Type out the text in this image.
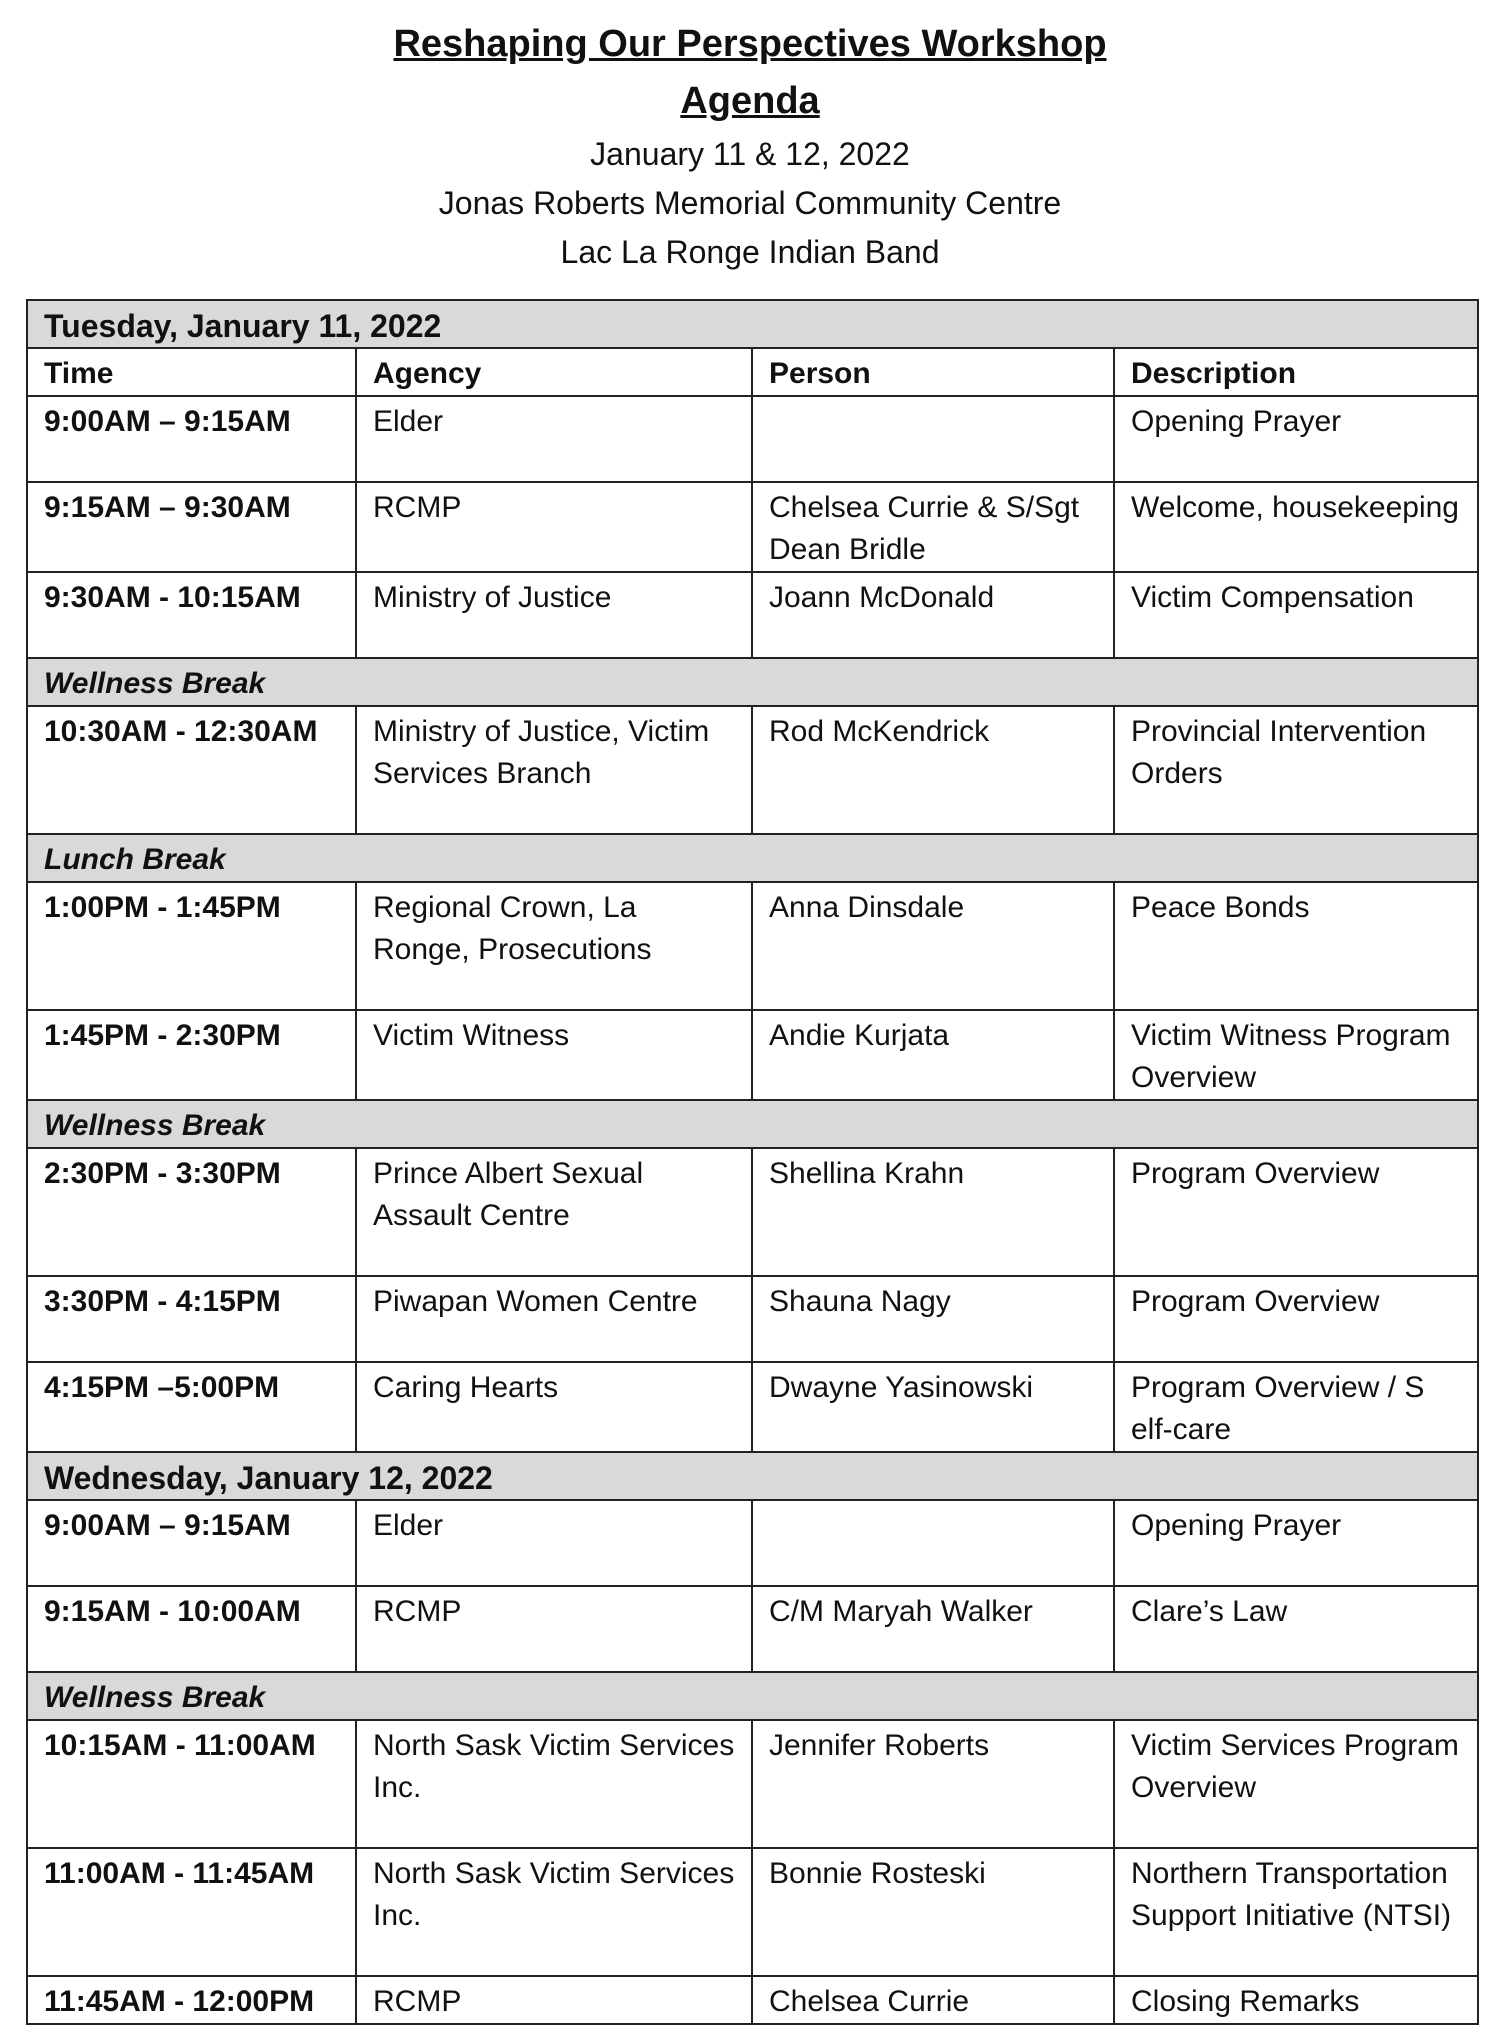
Reshaping Our Perspectives Workshop

Agenda

January 11 & 12, 2022

Jonas Roberts Memorial Community Centre

Lac La Ronge Indian Band

Tuesday, January 11, 2022			
Time	Agency	Person	Description
9:00AM – 9:15AM	Elder		Opening Prayer
9:15AM – 9:30AM	RCMP	Chelsea Currie & S/Sgt Dean Bridle	Welcome, housekeeping
9:30AM - 10:15AM	Ministry of Justice	Joann McDonald	Victim Compensation
Wellness Break			
10:30AM - 12:30AM	Ministry of Justice, Victim Services Branch	Rod McKendrick	Provincial Intervention Orders
Lunch Break			
1:00PM - 1:45PM	Regional Crown, La Ronge, Prosecutions	Anna Dinsdale	Peace Bonds
1:45PM - 2:30PM	Victim Witness	Andie Kurjata	Victim Witness Program Overview
Wellness Break			
2:30PM - 3:30PM	Prince Albert Sexual Assault Centre	Shellina Krahn	Program Overview
3:30PM - 4:15PM	Piwapan Women Centre	Shauna Nagy	Program Overview
4:15PM –5:00PM	Caring Hearts	Dwayne Yasinowski	Program Overview / S elf-care
Wednesday, January 12, 2022			
9:00AM – 9:15AM	Elder		Opening Prayer
9:15AM - 10:00AM	RCMP	C/M Maryah Walker	Clare’s Law
Wellness Break			
10:15AM - 11:00AM	North Sask Victim Services Inc.	Jennifer Roberts	Victim Services Program Overview
11:00AM - 11:45AM	North Sask Victim Services Inc.	Bonnie Rosteski	Northern Transportation Support Initiative (NTSI)
11:45AM - 12:00PM	RCMP	Chelsea Currie	Closing Remarks
